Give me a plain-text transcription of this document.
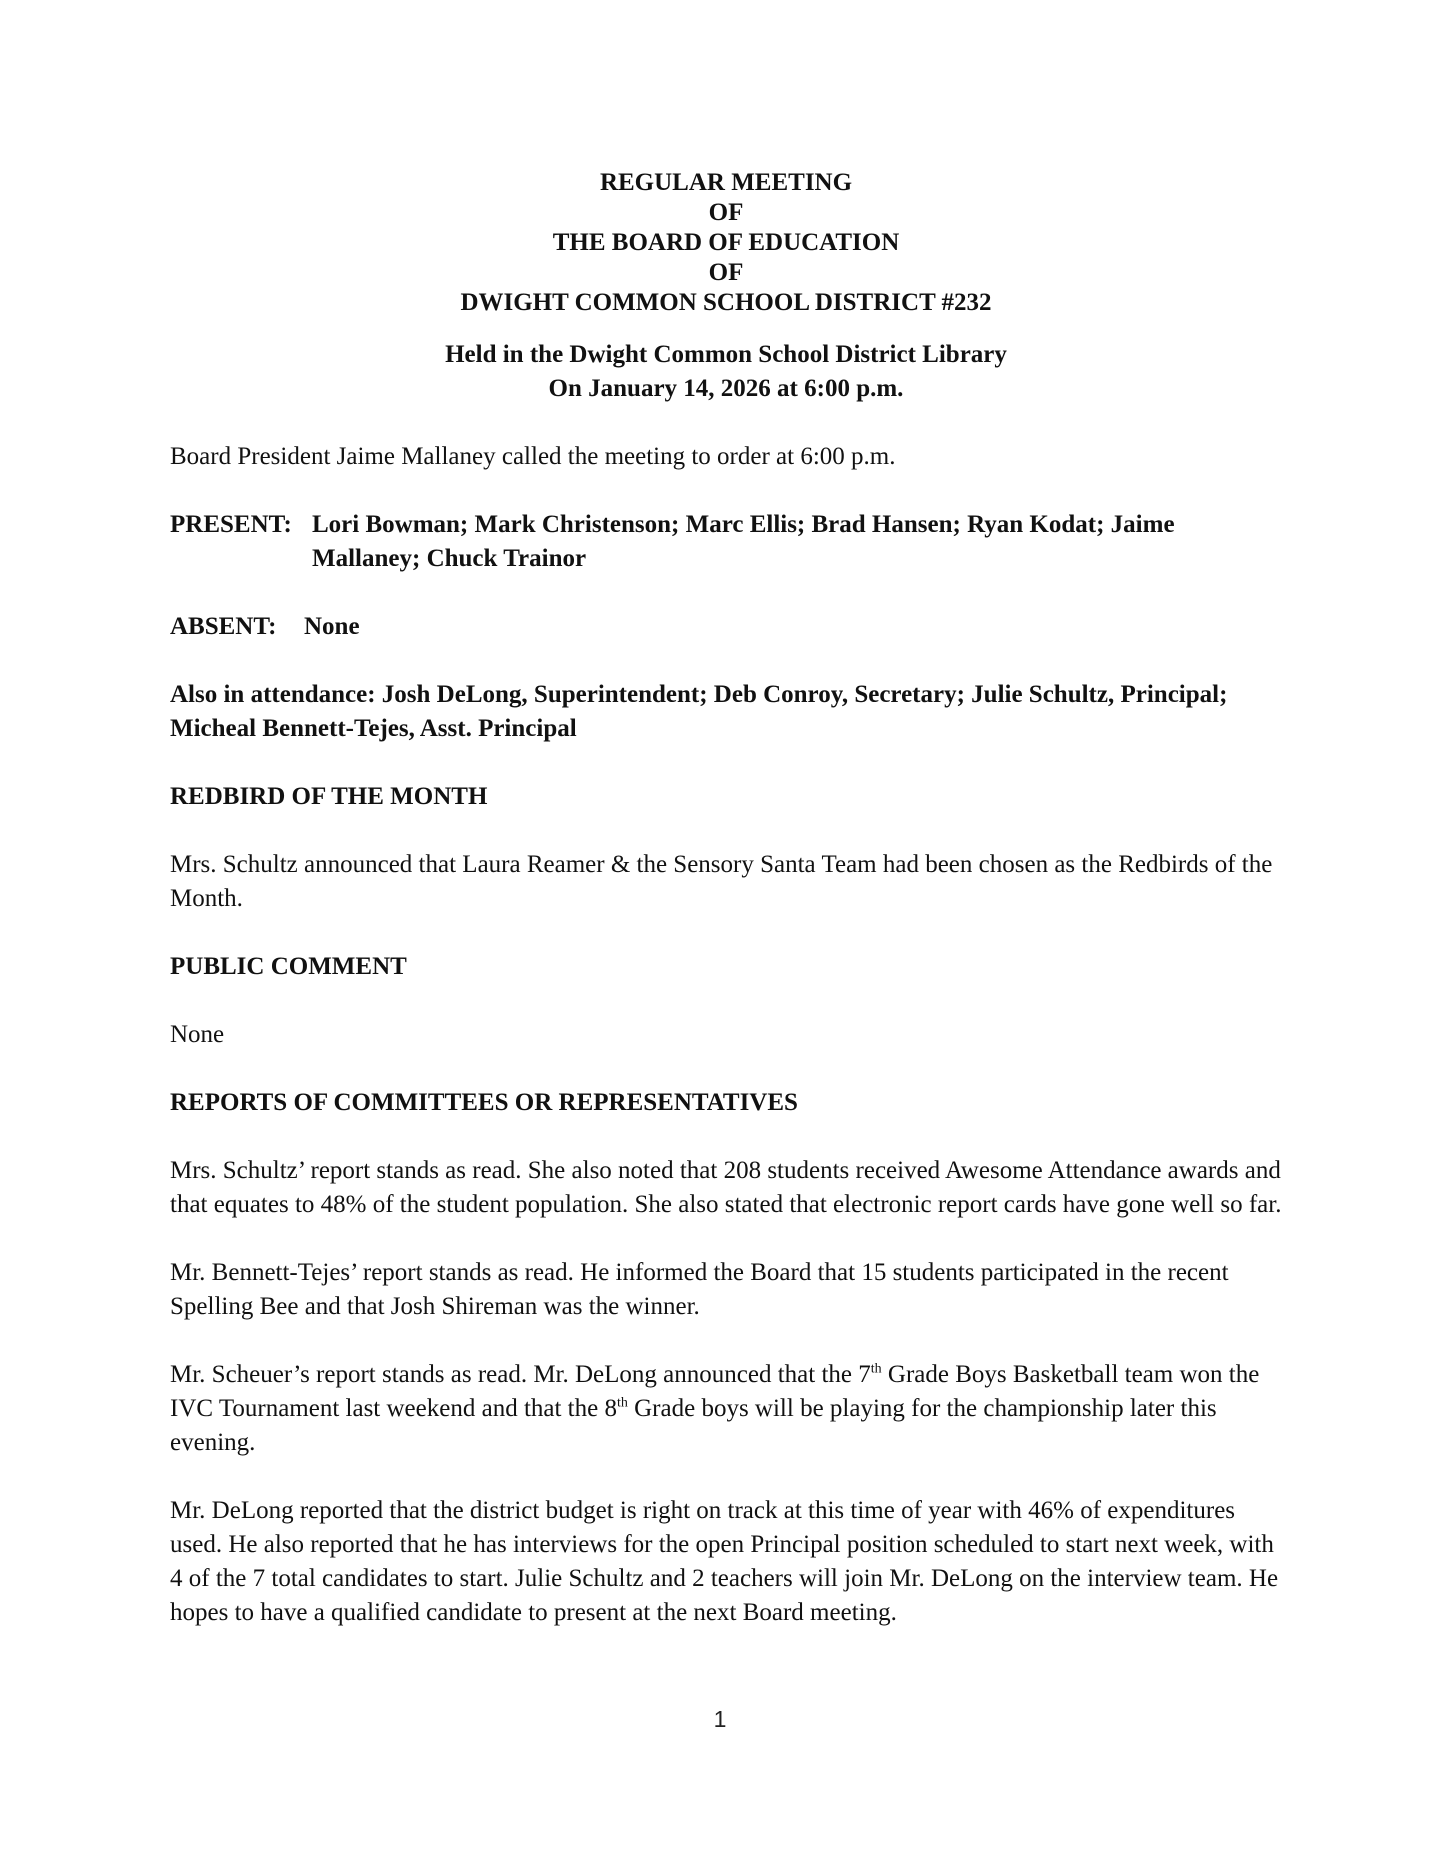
REGULAR MEETING
OF
THE BOARD OF EDUCATION
OF
DWIGHT COMMON SCHOOL DISTRICT #232
Held in the Dwight Common School District Library
On January 14, 2026 at 6:00 p.m.

Board President Jaime Mallaney called the meeting to order at 6:00 p.m.

PRESENT: Lori Bowman; Mark Christenson; Marc Ellis; Brad Hansen; Ryan Kodat; Jaime Mallaney; Chuck Trainor

ABSENT: None

Also in attendance: Josh DeLong, Superintendent; Deb Conroy, Secretary; Julie Schultz, Principal; Micheal Bennett-Tejes, Asst. Principal

REDBIRD OF THE MONTH

Mrs. Schultz announced that Laura Reamer & the Sensory Santa Team had been chosen as the Redbirds of the Month.

PUBLIC COMMENT

None

REPORTS OF COMMITTEES OR REPRESENTATIVES

Mrs. Schultz’ report stands as read. She also noted that 208 students received Awesome Attendance awards and that equates to 48% of the student population. She also stated that electronic report cards have gone well so far.

Mr. Bennett-Tejes’ report stands as read. He informed the Board that 15 students participated in the recent Spelling Bee and that Josh Shireman was the winner.

Mr. Scheuer’s report stands as read. Mr. DeLong announced that the 7th Grade Boys Basketball team won the IVC Tournament last weekend and that the 8th Grade boys will be playing for the championship later this evening.

Mr. DeLong reported that the district budget is right on track at this time of year with 46% of expenditures used. He also reported that he has interviews for the open Principal position scheduled to start next week, with 4 of the 7 total candidates to start. Julie Schultz and 2 teachers will join Mr. DeLong on the interview team. He hopes to have a qualified candidate to present at the next Board meeting.

1
